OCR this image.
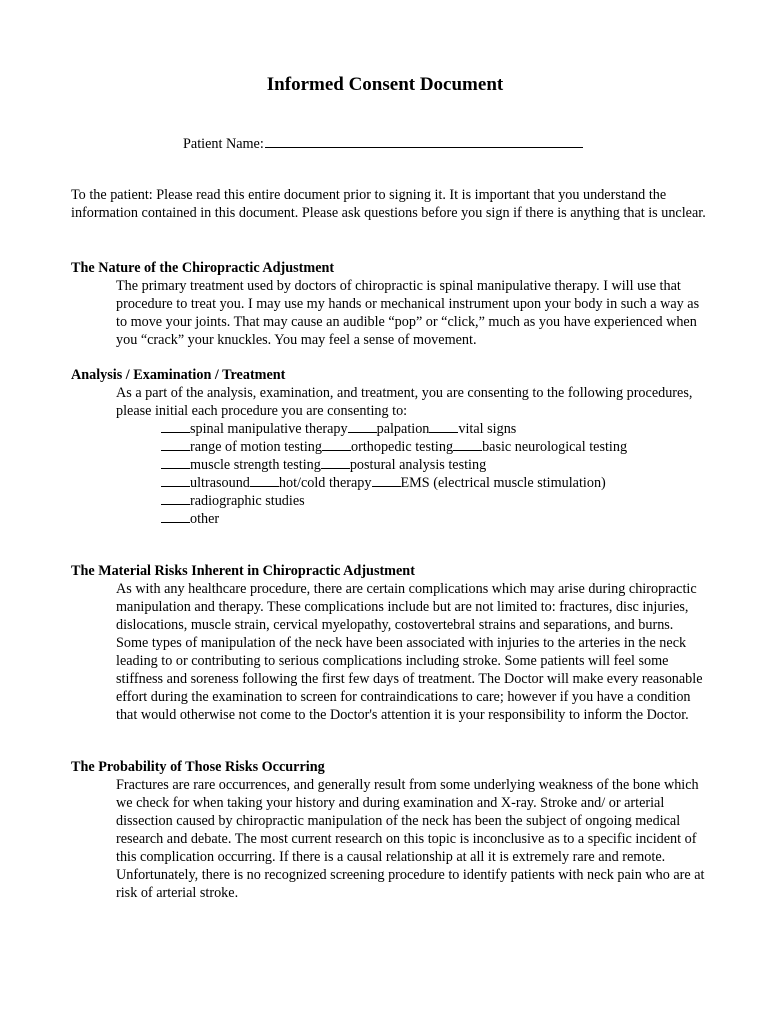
Informed Consent Document
Patient Name:
To the patient: Please read this entire document prior to signing it. It is important that you understand the information contained in this document. Please ask questions before you sign if there is anything that is unclear.
The Nature of the Chiropractic Adjustment
The primary treatment used by doctors of chiropractic is spinal manipulative therapy. I will use that procedure to treat you. I may use my hands or mechanical instrument upon your body in such a way as to move your joints. That may cause an audible “pop” or “click,” much as you have experienced when you “crack” your knuckles. You may feel a sense of movement.
Analysis / Examination / Treatment
As a part of the analysis, examination, and treatment, you are consenting to the following procedures, please initial each procedure you are consenting to:
spinal manipulative therapy palpation vital signs
range of motion testing orthopedic testing basic neurological testing
muscle strength testing postural analysis testing
ultrasound hot/cold therapy EMS (electrical muscle stimulation)
radiographic studies
other
The Material Risks Inherent in Chiropractic Adjustment
As with any healthcare procedure, there are certain complications which may arise during chiropractic manipulation and therapy. These complications include but are not limited to: fractures, disc injuries, dislocations, muscle strain, cervical myelopathy, costovertebral strains and separations, and burns. Some types of manipulation of the neck have been associated with injuries to the arteries in the neck leading to or contributing to serious complications including stroke. Some patients will feel some stiffness and soreness following the first few days of treatment. The Doctor will make every reasonable effort during the examination to screen for contraindications to care; however if you have a condition that would otherwise not come to the Doctor's attention it is your responsibility to inform the Doctor.
The Probability of Those Risks Occurring
Fractures are rare occurrences, and generally result from some underlying weakness of the bone which we check for when taking your history and during examination and X-ray. Stroke and/ or arterial dissection caused by chiropractic manipulation of the neck has been the subject of ongoing medical research and debate. The most current research on this topic is inconclusive as to a specific incident of this complication occurring. If there is a causal relationship at all it is extremely rare and remote. Unfortunately, there is no recognized screening procedure to identify patients with neck pain who are at risk of arterial stroke.
